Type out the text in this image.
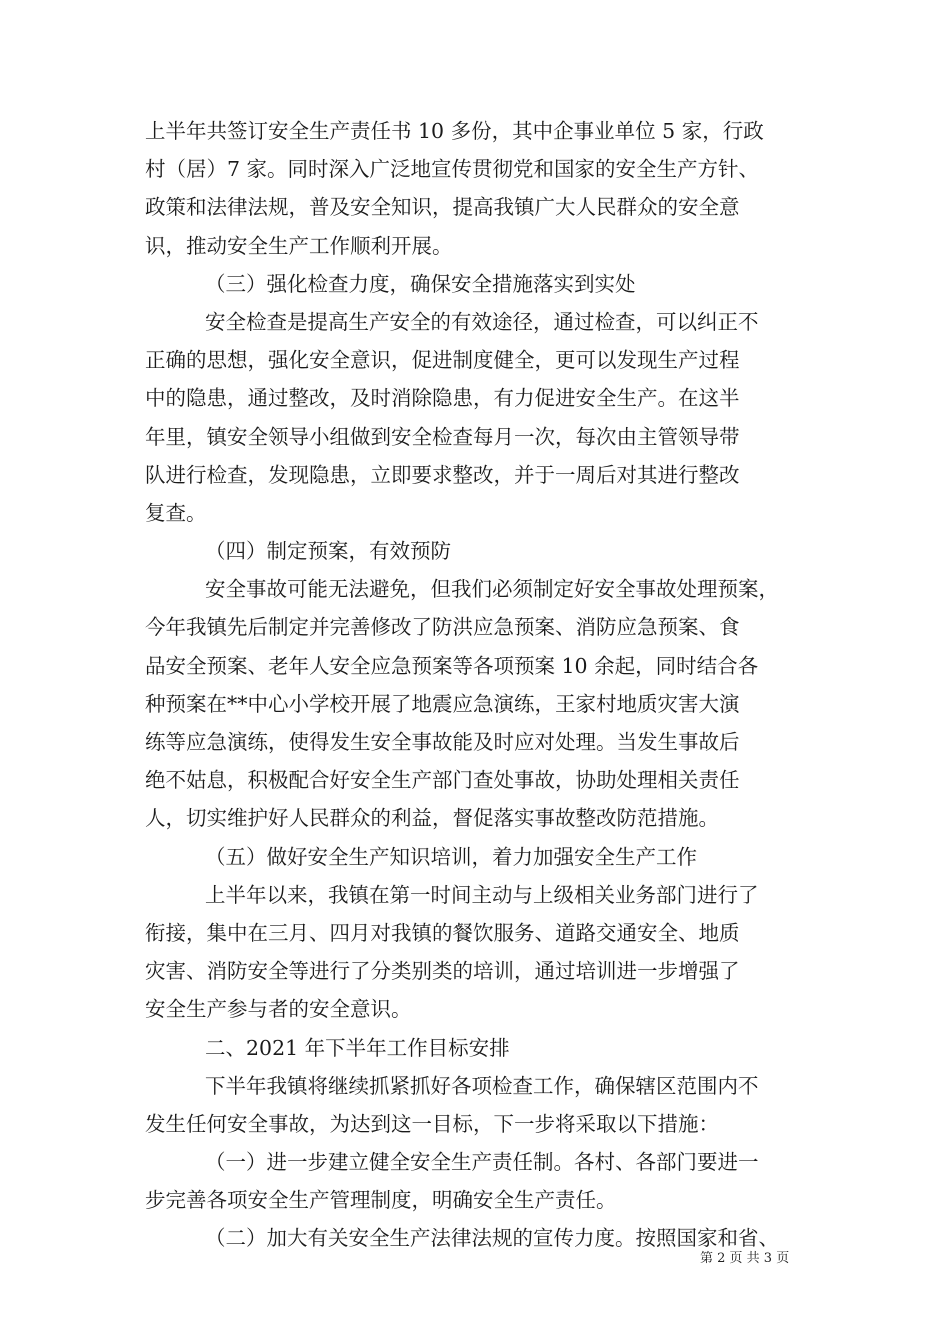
上半年共签订安全生产责任书 10 多份，其中企事业单位 5 家，行政

村（居）7 家。同时深入广泛地宣传贯彻党和国家的安全生产方针、

政策和法律法规，普及安全知识，提高我镇广大人民群众的安全意

识，推动安全生产工作顺利开展。

（三）强化检查力度，确保安全措施落实到实处

安全检查是提高生产安全的有效途径，通过检查，可以纠正不

正确的思想，强化安全意识，促进制度健全，更可以发现生产过程

中的隐患，通过整改，及时消除隐患，有力促进安全生产。在这半

年里，镇安全领导小组做到安全检查每月一次，每次由主管领导带

队进行检查，发现隐患，立即要求整改，并于一周后对其进行整改

复查。

（四）制定预案，有效预防

安全事故可能无法避免，但我们必须制定好安全事故处理预案，

今年我镇先后制定并完善修改了防洪应急预案、消防应急预案、食

品安全预案、老年人安全应急预案等各项预案 10 余起，同时结合各

种预案在**中心小学校开展了地震应急演练，王家村地质灾害大演

练等应急演练，使得发生安全事故能及时应对处理。当发生事故后

绝不姑息，积极配合好安全生产部门查处事故，协助处理相关责任

人，切实维护好人民群众的利益，督促落实事故整改防范措施。

（五）做好安全生产知识培训，着力加强安全生产工作

上半年以来，我镇在第一时间主动与上级相关业务部门进行了

衔接，集中在三月、四月对我镇的餐饮服务、道路交通安全、地质

灾害、消防安全等进行了分类别类的培训，通过培训进一步增强了

安全生产参与者的安全意识。

二、2021 年下半年工作目标安排

下半年我镇将继续抓紧抓好各项检查工作，确保辖区范围内不

发生任何安全事故，为达到这一目标，下一步将采取以下措施：

（一）进一步建立健全安全生产责任制。各村、各部门要进一

步完善各项安全生产管理制度，明确安全生产责任。

（二）加大有关安全生产法律法规的宣传力度。按照国家和省、

第 2 页 共 3 页
